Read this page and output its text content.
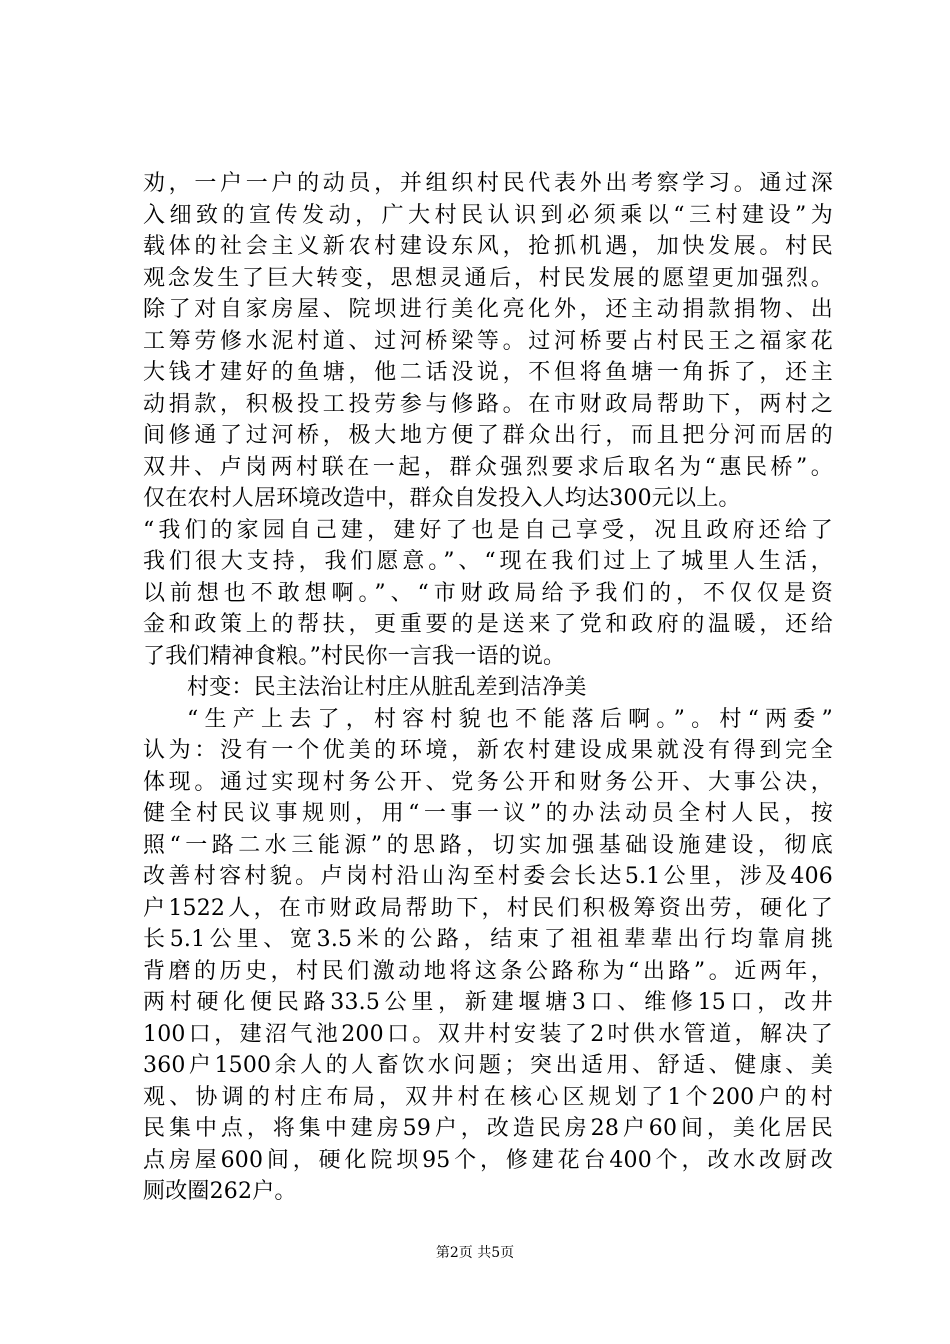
劝，一户一户的动员，并组织村民代表外出考察学习。通过深
入细致的宣传发动，广大村民认识到必须乘以“三村建设”为
载体的社会主义新农村建设东风，抢抓机遇，加快发展。村民
观念发生了巨大转变，思想灵通后，村民发展的愿望更加强烈。
除了对自家房屋、院坝进行美化亮化外，还主动捐款捐物、出
工筹劳修水泥村道、过河桥梁等。过河桥要占村民王之福家花
大钱才建好的鱼塘，他二话没说，不但将鱼塘一角拆了，还主
动捐款，积极投工投劳参与修路。在市财政局帮助下，两村之
间修通了过河桥，极大地方便了群众出行，而且把分河而居的
双井、卢岗两村联在一起，群众强烈要求后取名为“惠民桥”。
仅在农村人居环境改造中，群众自发投入人均达300元以上。
“我们的家园自己建，建好了也是自己享受，况且政府还给了
我们很大支持，我们愿意。”、“现在我们过上了城里人生活，
以前想也不敢想啊。”、“市财政局给予我们的，不仅仅是资
金和政策上的帮扶，更重要的是送来了党和政府的温暖，还给
了我们精神食粮。”村民你一言我一语的说。
村变：民主法治让村庄从脏乱差到洁净美
“生产上去了，村容村貌也不能落后啊。”。村“两委”
认为：没有一个优美的环境，新农村建设成果就没有得到完全
体现。通过实现村务公开、党务公开和财务公开、大事公决，
健全村民议事规则，用“一事一议”的办法动员全村人民，按
照“一路二水三能源”的思路，切实加强基础设施建设，彻底
改善村容村貌。卢岗村沿山沟至村委会长达5.1公里，涉及406
户1522人，在市财政局帮助下，村民们积极筹资出劳，硬化了
长5.1公里、宽3.5米的公路，结束了祖祖辈辈出行均靠肩挑
背磨的历史，村民们激动地将这条公路称为“出路”。近两年，
两村硬化便民路33.5公里，新建堰塘3口、维修15口，改井
100口，建沼气池200口。双井村安装了2吋供水管道，解决了
360户1500余人的人畜饮水问题；突出适用、舒适、健康、美
观、协调的村庄布局，双井村在核心区规划了1个200户的村
民集中点，将集中建房59户，改造民房28户60间，美化居民
点房屋600间，硬化院坝95个，修建花台400个，改水改厨改
厕改圈262户。
第2页 共5页
